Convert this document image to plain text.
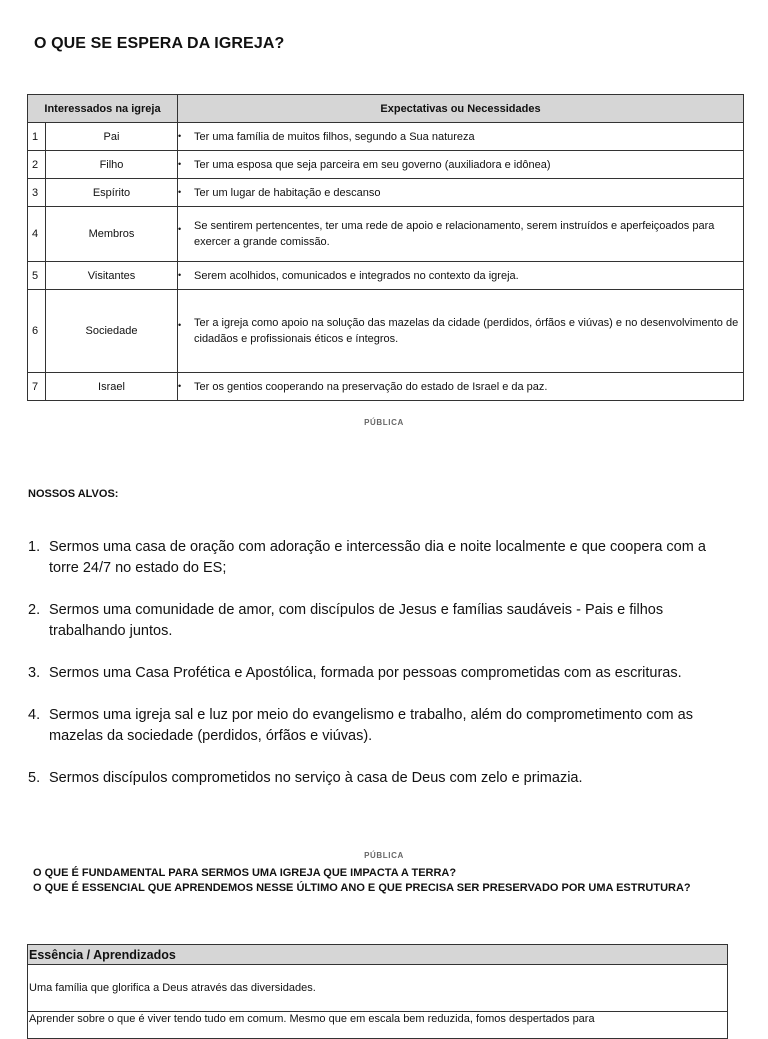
O QUE SE ESPERA DA IGREJA?
Interessados na igreja		Expectativas ou Necessidades
1	Pai	• Ter uma família de muitos filhos, segundo a Sua natureza
2	Filho	• Ter uma esposa que seja parceira em seu governo (auxiliadora e idônea)
3	Espírito	• Ter um lugar de habitação e descanso
4	Membros	• Se sentirem pertencentes, ter uma rede de apoio e relacionamento, serem instruídos e aperfeiçoados para exercer a grande comissão.
5	Visitantes	• Serem acolhidos, comunicados e integrados no contexto da igreja.
6	Sociedade	• Ter a igreja como apoio na solução das mazelas da cidade (perdidos, órfãos e viúvas) e no desenvolvimento de cidadãos e profissionais éticos e íntegros.
7	Israel	• Ter os gentios cooperando na preservação do estado de Israel e da paz.
PÚBLICA
NOSSOS ALVOS:
1. Sermos uma casa de oração com adoração e intercessão dia e noite localmente e que coopera com a torre 24/7 no estado do ES;
2. Sermos uma comunidade de amor, com discípulos de Jesus e famílias saudáveis - Pais e filhos trabalhando juntos.
3. Sermos uma Casa Profética e Apostólica, formada por pessoas comprometidas com as escrituras.
4. Sermos uma igreja sal e luz por meio do evangelismo e trabalho, além do comprometimento com as mazelas da sociedade (perdidos, órfãos e viúvas).
5. Sermos discípulos comprometidos no serviço à casa de Deus com zelo e primazia.
PÚBLICA
O QUE É FUNDAMENTAL PARA SERMOS UMA IGREJA QUE IMPACTA A TERRA?
O QUE É ESSENCIAL QUE APRENDEMOS NESSE ÚLTIMO ANO E QUE PRECISA SER PRESERVADO POR UMA ESTRUTURA?
Essência / Aprendizados
Uma família que glorifica a Deus através das diversidades.
Aprender sobre o que é viver tendo tudo em comum. Mesmo que em escala bem reduzida, fomos despertados para
